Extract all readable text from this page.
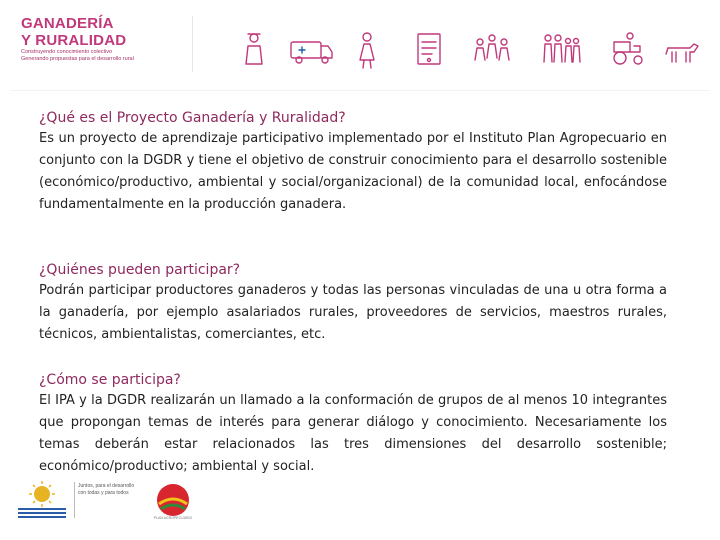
GANADERÍA
Y RURALIDAD
Construyendo conocimiento colectivo
Generando propuestas para el desarrollo rural
¿Qué es el Proyecto Ganadería y Ruralidad?

Es un proyecto de aprendizaje participativo implementado por el Instituto Plan Agropecuario en conjunto con la DGDR y tiene el objetivo de construir conocimiento para el desarrollo sostenible (económico/productivo, ambiental y social/organizacional) de la comunidad local, enfocándose fundamentalmente en la producción ganadera.

¿Quiénes pueden participar?

Podrán participar productores ganaderos y todas las personas vinculadas de una u otra forma a la ganadería, por ejemplo asalariados rurales, proveedores de servicios, maestros rurales, técnicos, ambientalistas, comerciantes, etc.

¿Cómo se participa?

El IPA y la DGDR realizarán un llamado a la conformación de grupos de al menos 10 integrantes que propongan temas de interés para generar diálogo y conocimiento. Necesariamente los temas deberán estar relacionados las tres dimensiones del desarrollo sostenible; económico/productivo; ambiental y social.

Juntos, para el desarrollo con todas y para todos
PLAN AGROPECUARIO
